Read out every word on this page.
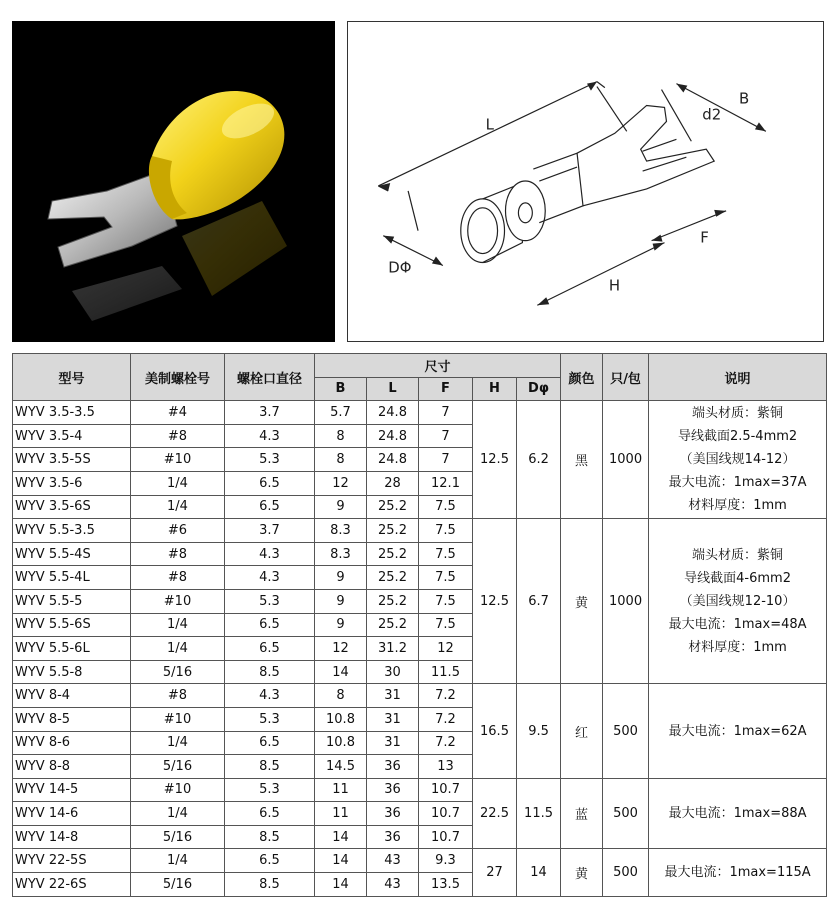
L
B
d2
F
H
DΦ
型号	美制螺栓号	螺栓口直径	尺寸					颜色	只/包	说明
			B	L	F	H	Dφ			
WYV 3.5-3.5	#4	3.7	5.7	24.8	7	12.5	6.2	黑	1000	端头材质：紫铜
导线截面2.5-4mm2
（美国线规14-12）
最大电流：1max=37A
材料厚度：1mm

WYV 3.5-4	#8	4.3	8	24.8	7					
WYV 3.5-5S	#10	5.3	8	24.8	7					
WYV 3.5-6	1/4	6.5	12	28	12.1					
WYV 3.5-6S	1/4	6.5	9	25.2	7.5					
WYV 5.5-3.5	#6	3.7	8.3	25.2	7.5	12.5	6.7	黄	1000	端头材质：紫铜
导线截面4-6mm2
（美国线规12-10）
最大电流：1max=48A
材料厚度：1mm

WYV 5.5-4S	#8	4.3	8.3	25.2	7.5					
WYV 5.5-4L	#8	4.3	9	25.2	7.5					
WYV 5.5-5	#10	5.3	9	25.2	7.5					
WYV 5.5-6S	1/4	6.5	9	25.2	7.5					
WYV 5.5-6L	1/4	6.5	12	31.2	12					
WYV 5.5-8	5/16	8.5	14	30	11.5					
WYV 8-4	#8	4.3	8	31	7.2	16.5	9.5	红	500	最大电流：1max=62A

WYV 8-5	#10	5.3	10.8	31	7.2					
WYV 8-6	1/4	6.5	10.8	31	7.2					
WYV 8-8	5/16	8.5	14.5	36	13					
WYV 14-5	#10	5.3	11	36	10.7	22.5	11.5	蓝	500	最大电流：1max=88A

WYV 14-6	1/4	6.5	11	36	10.7					
WYV 14-8	5/16	8.5	14	36	10.7					
WYV 22-5S	1/4	6.5	14	43	9.3	27	14	黄	500	最大电流：1max=115A

WYV 22-6S	5/16	8.5	14	43	13.5					
